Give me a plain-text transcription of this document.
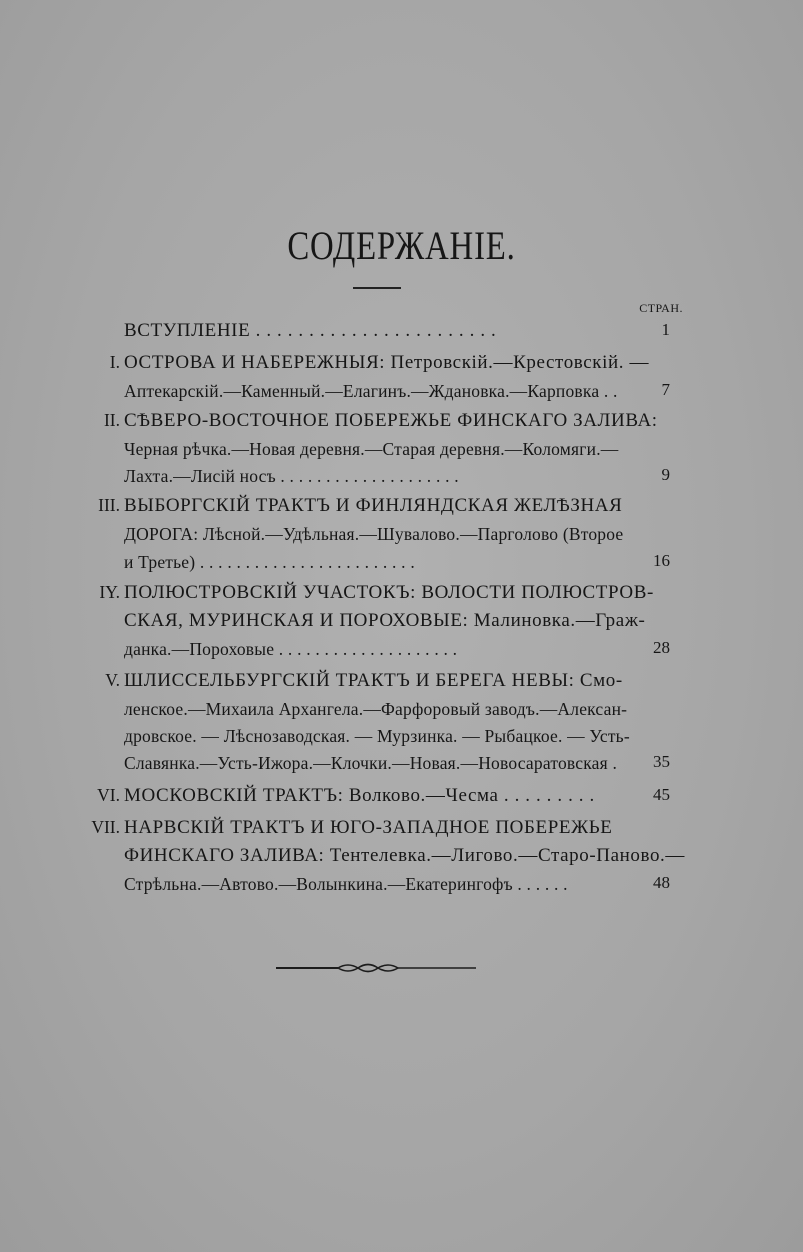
СОДЕРЖАНІЕ.
СТРАН.
ВСТУПЛЕНІЕ . . . . . . . . . . . . . . . . . . . . . . .	1
I. ОСТРОВА И НАБЕРЕЖНЫЯ: Петровскій.—Крестовскій. —
Аптекарскій.—Каменный.—Елагинъ.—Ждановка.—Карповка . .	7
II. СѢВЕРО-ВОСТОЧНОЕ ПОБЕРЕЖЬЕ ФИНСКАГО ЗАЛИВА:
Черная рѣчка.—Новая деревня.—Старая деревня.—Коломяги.—
Лахта.—Лисій носъ . . . . . . . . . . . . . . . . . . . .	9
III. ВЫБОРГСКІЙ ТРАКТЪ И ФИНЛЯНДСКАЯ ЖЕЛѢЗНАЯ
ДОРОГА: Лѣсной.—Удѣльная.—Шувалово.—Парголово (Второе
и Третье) . . . . . . . . . . . . . . . . . . . . . . . .	16
IY. ПОЛЮСТРОВСКІЙ УЧАСТОКЪ: ВОЛОСТИ ПОЛЮСТРОВ-
СКАЯ, МУРИНСКАЯ И ПОРОХОВЫЕ: Малиновка.—Граж-
данка.—Пороховые . . . . . . . . . . . . . . . . . . . .	28
V. ШЛИССЕЛЬБУРГСКІЙ ТРАКТЪ И БЕРЕГА НЕВЫ: Смо-
ленское.—Михаила Архангела.—Фарфоровый заводъ.—Алексан-
дровское. — Лѣснозаводская. — Мурзинка. — Рыбацкое. — Усть-
Славянка.—Усть-Ижора.—Клочки.—Новая.—Новосаратовская . 35
VI. МОСКОВСКІЙ ТРАКТЪ: Волково.—Чесма . . . . . . . . .	45
VII. НАРВСКІЙ ТРАКТЪ И ЮГО-ЗАПАДНОЕ ПОБЕРЕЖЬЕ
ФИНСКАГО ЗАЛИВА: Тентелевка.—Лигово.—Старо-Паново.—
Стрѣльна.—Автово.—Волынкина.—Екатерингофъ . . . . . .	48
